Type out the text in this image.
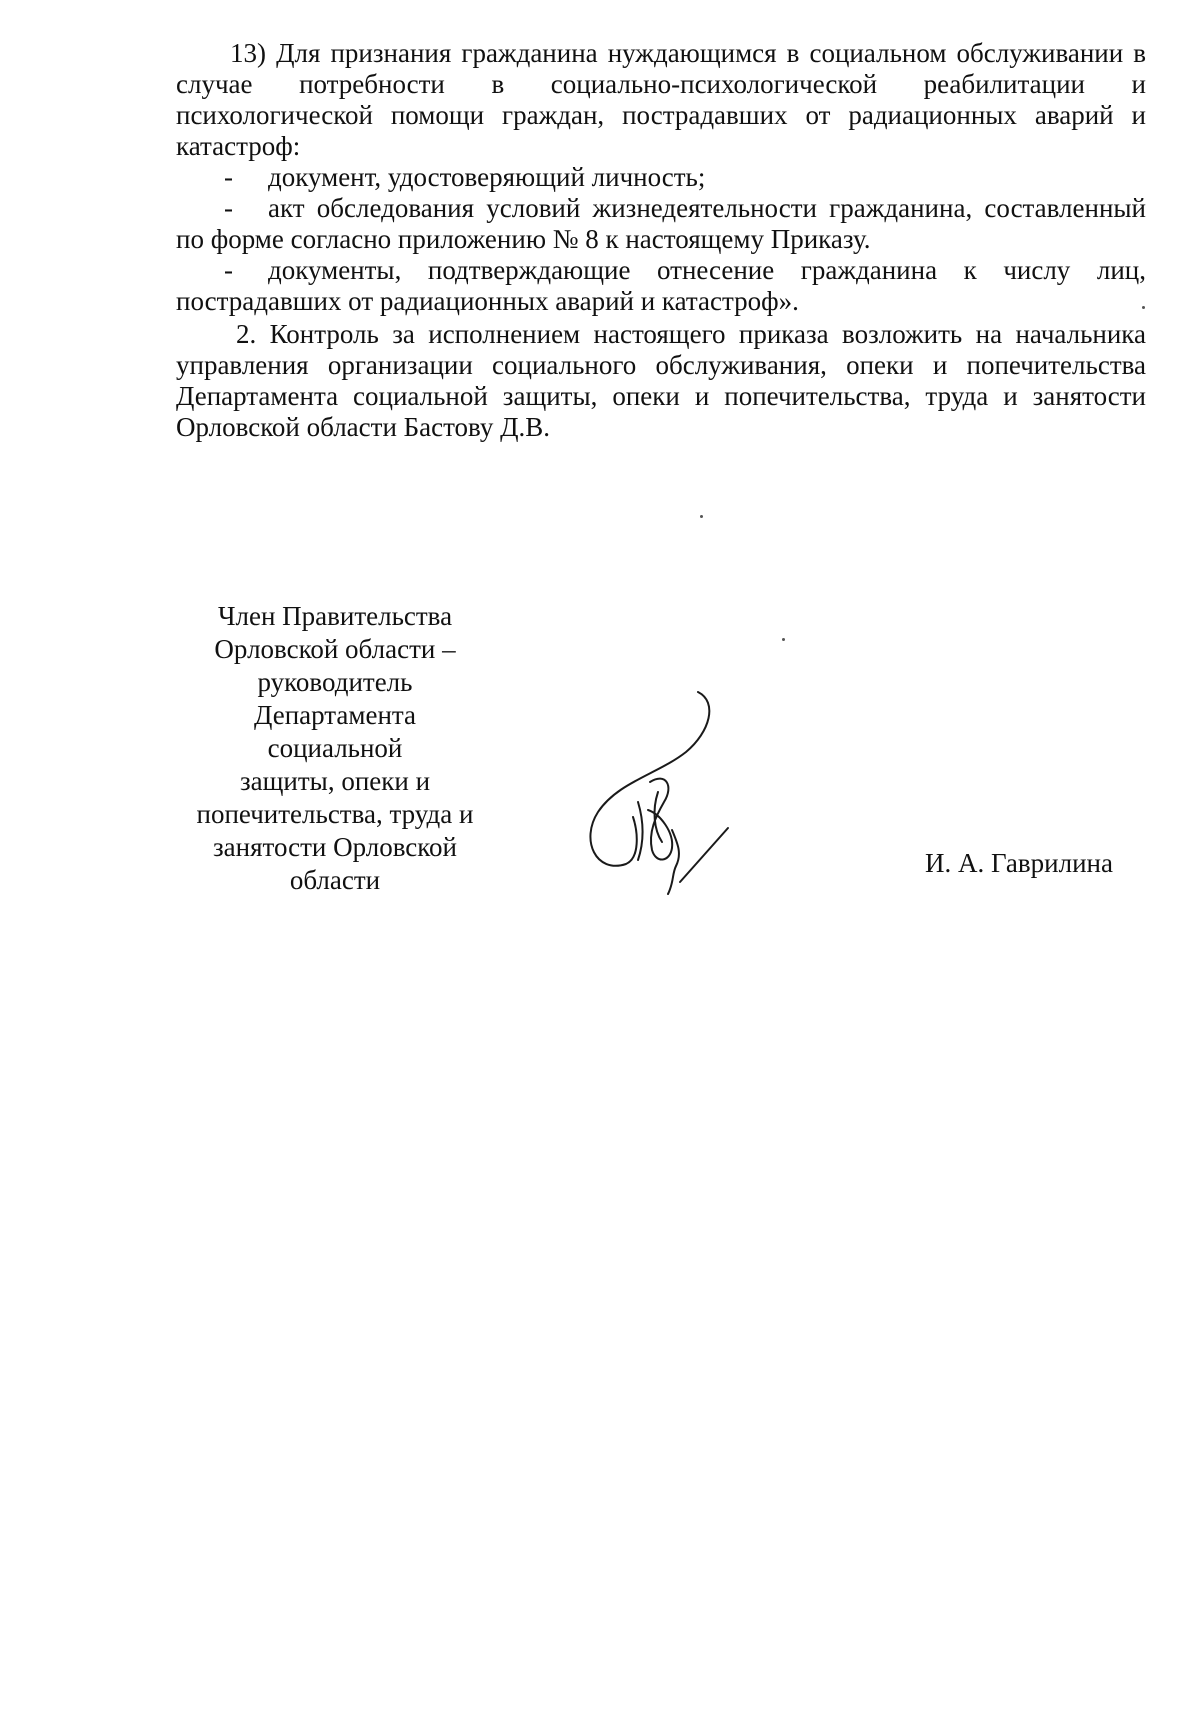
13) Для признания гражданина нуждающимся в социальном обслуживании в случае потребности в социально-психологической реабилитации и психологической помощи граждан, пострадавших от радиационных аварий и катастроф:

- документ, удостоверяющий личность;

- акт обследования условий жизнедеятельности гражданина, составленный по форме согласно приложению № 8 к настоящему Приказу.

- документы, подтверждающие отнесение гражданина к числу лиц, пострадавших от радиационных аварий и катастроф».

2. Контроль за исполнением настоящего приказа возложить на начальника управления организации социального обслуживания, опеки и попечительства Департамента социальной защиты, опеки и попечительства, труда и занятости Орловской области Бастову Д.В.

Член Правительства
Орловской области –
руководитель
Департамента
социальной
защиты, опеки и
попечительства, труда и
занятости Орловской
области
И. А. Гаврилина
